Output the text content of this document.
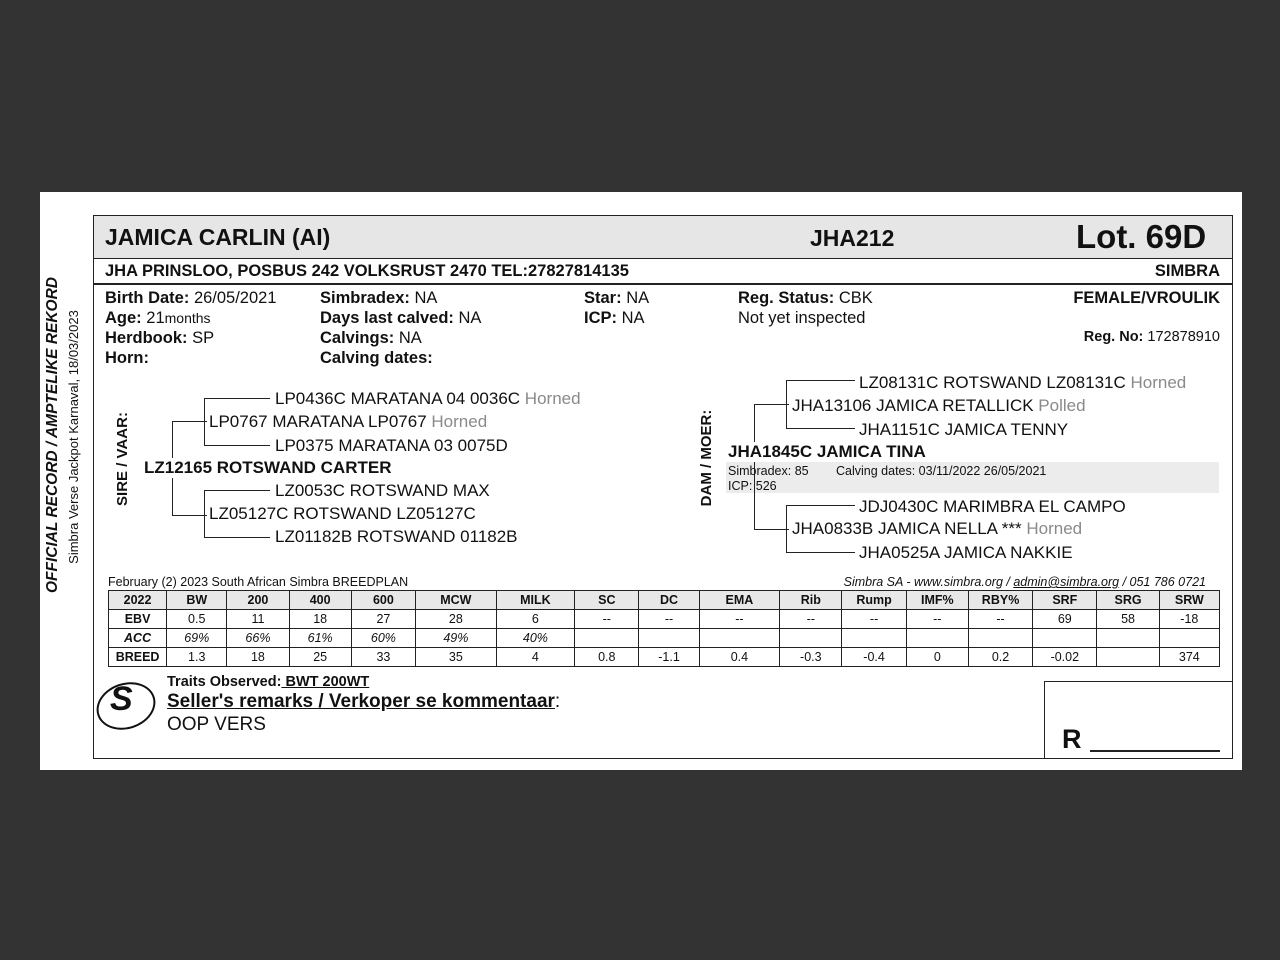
OFFICIAL RECORD / AMPTELIKE REKORD Simbra Verse Jackpot Karnaval, 18/03/2023
JAMICA CARLIN (AI)	JHA212	Lot. 69D
JHA PRINSLOO, POSBUS 242 VOLKSRUST 2470 TEL:27827814135	SIMBRA
Birth Date: 26/05/2021
Age: 21months
Herdbook: SP
Horn:
Simbradex: NA
Days last calved: NA
Calvings: NA
Calving dates:
Star: NA
ICP: NA
Reg. Status: CBK
Not yet inspected
FEMALE/VROULIK
Reg. No: 172878910
SIRE / VAAR:
LP0436C MARATANA 04 0036C Horned
LP0767 MARATANA LP0767 Horned
LP0375 MARATANA 03 0075D
LZ12165 ROTSWAND CARTER
LZ0053C ROTSWAND MAX
LZ05127C ROTSWAND LZ05127C
LZ01182B ROTSWAND 01182B
DAM / MOER:
LZ08131C ROTSWAND LZ08131C Horned
JHA13106 JAMICA RETALLICK Polled
JHA1151C JAMICA TENNY
JHA1845C JAMICA TINA
Simbradex: 85 Calving dates: 03/11/2022 26/05/2021
ICP: 526
JDJ0430C MARIMBRA EL CAMPO
JHA0833B JAMICA NELLA *** Horned
JHA0525A JAMICA NAKKIE
February (2) 2023 South African Simbra BREEDPLAN	Simbra SA - www.simbra.org / admin@simbra.org / 051 786 0721
2022	BW	200	400	600	MCW	MILK	SC	DC	EMA	Rib	Rump	IMF%	RBY%	SRF	SRG	SRW
EBV	0.5	11	18	27	28	6	--	--	--	--	--	--	--	69	58	-18
ACC	69%	66%	61%	60%	49%	40%										
BREED	1.3	18	25	33	35	4	0.8	-1.1	0.4	-0.3	-0.4	0	0.2	-0.02		374
S Traits Observed: BWT 200WT
Seller's remarks / Verkoper se kommentaar:
OOP VERS	R
